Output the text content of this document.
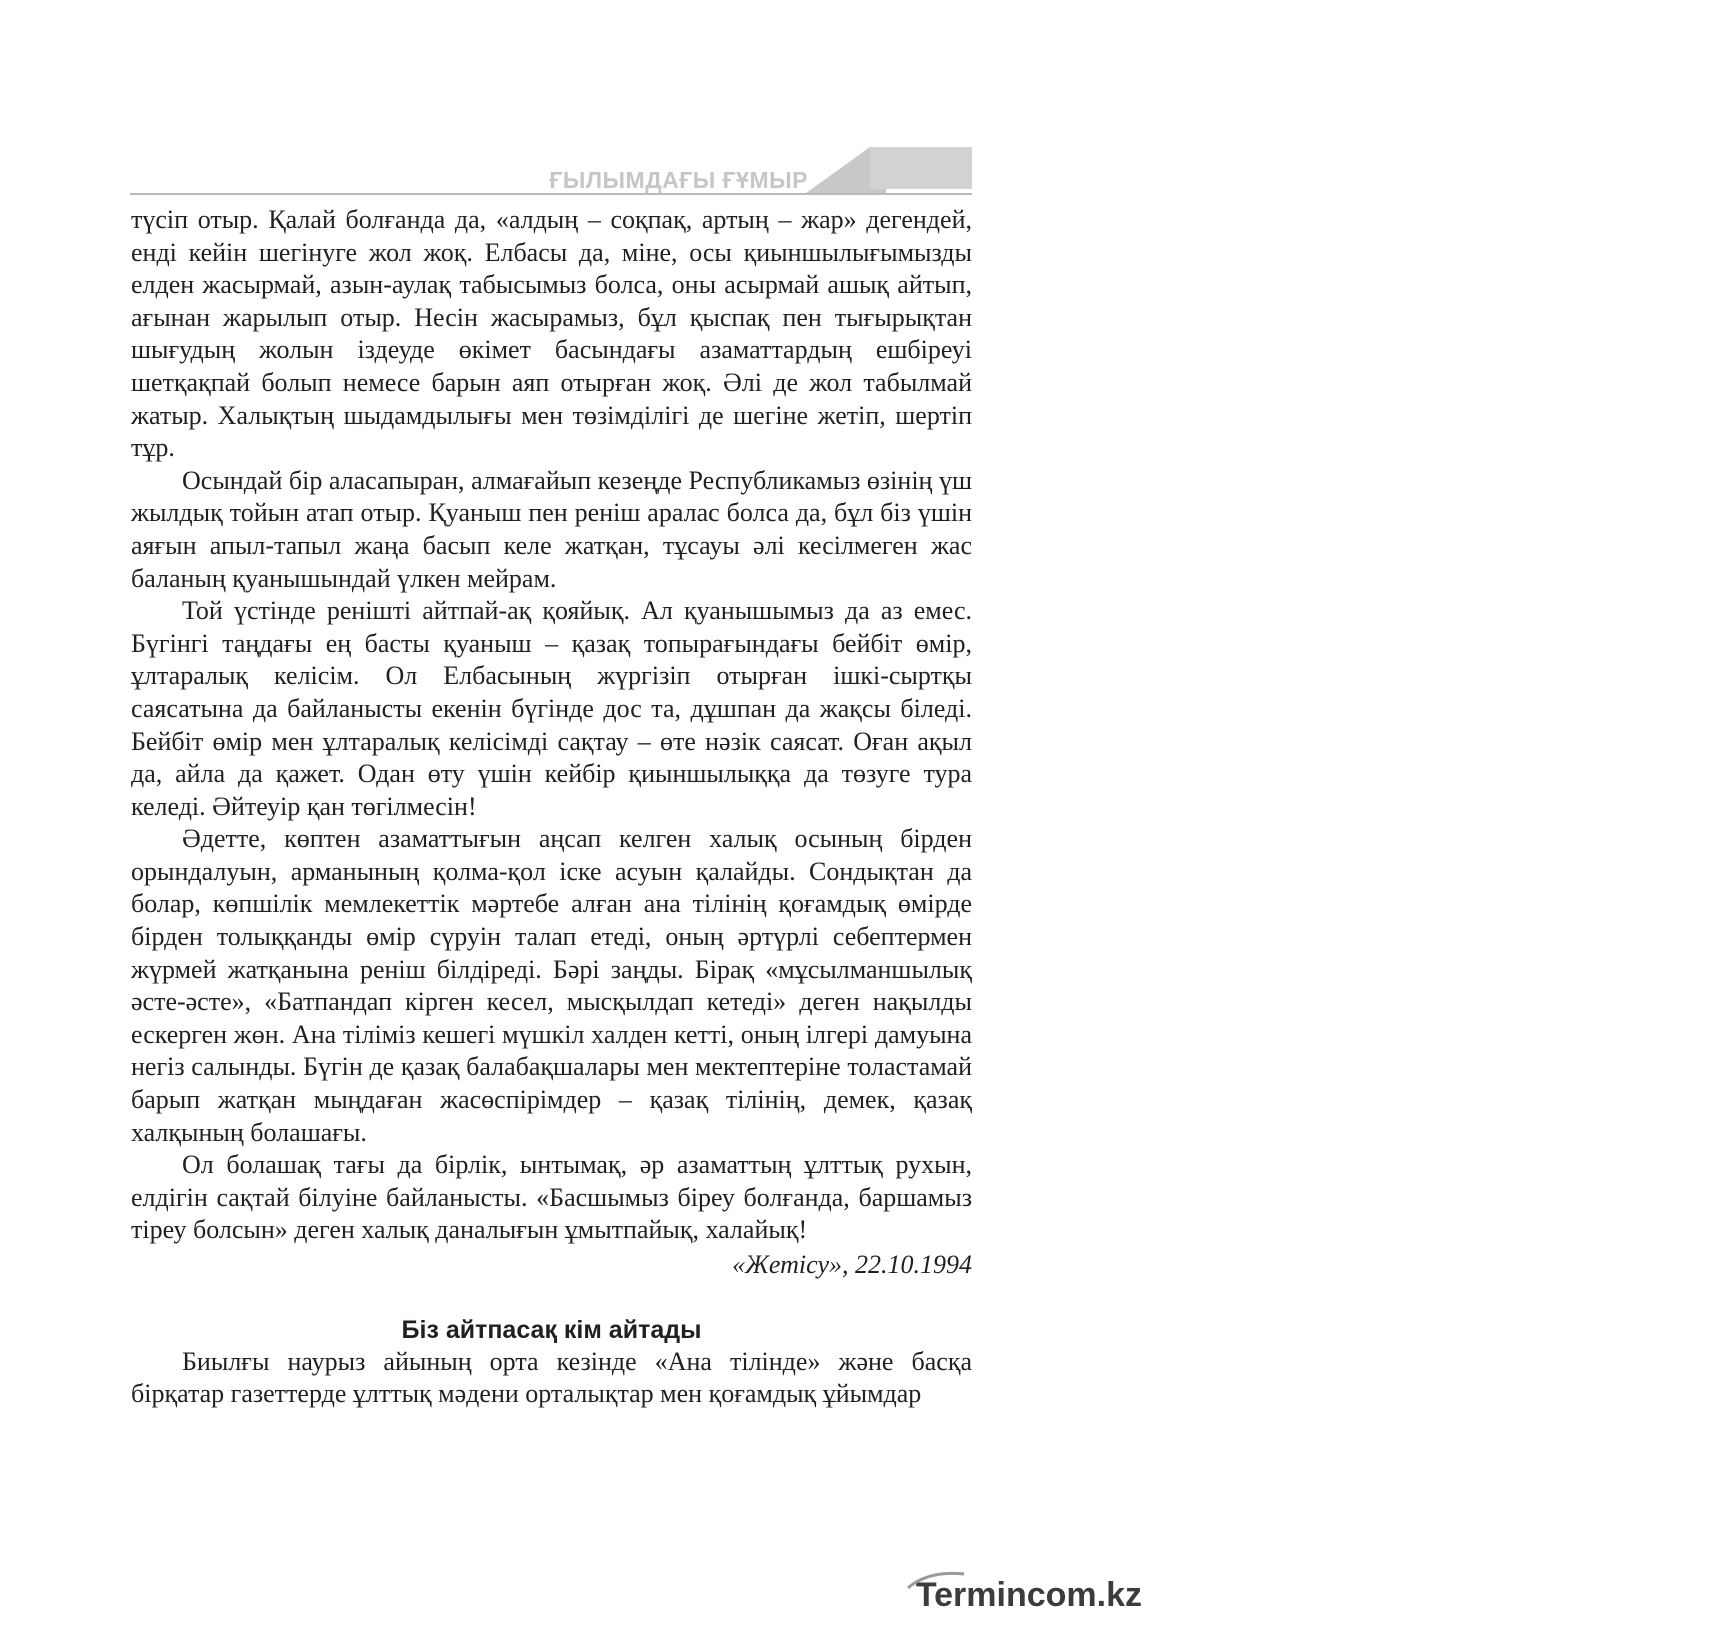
ҒЫЛЫМДАҒЫ ҒҰМЫР
255

түсіп отыр. Қалай болғанда да, «алдың – соқпақ, артың – жар» дегендей, енді кейін шегінуге жол жоқ. Елбасы да, міне, осы қиыншылығымызды елден жасырмай, азын-аулақ табысымыз болса, оны асырмай ашық айтып, ағынан жарылып отыр. Несін жасырамыз, бұл қыспақ пен тығырықтан шығудың жолын іздеуде өкімет басындағы азаматтардың ешбіреуі шетқақпай болып немесе барын аяп отырған жоқ. Әлі де жол табылмай жатыр. Халықтың шыдамдылығы мен төзімділігі де шегіне жетіп, шертіп тұр.

Осындай бір аласапыран, алмағайып кезеңде Республикамыз өзінің үш жылдық тойын атап отыр. Қуаныш пен реніш аралас болса да, бұл біз үшін аяғын апыл-тапыл жаңа басып келе жатқан, тұсауы әлі кесілмеген жас баланың қуанышындай үлкен мейрам.

Той үстінде ренішті айтпай-ақ қояйық. Ал қуанышымыз да аз емес. Бүгінгі таңдағы ең басты қуаныш – қазақ топырағындағы бейбіт өмір, ұлтаралық келісім. Ол Елбасының жүргізіп отырған ішкі-сыртқы саясатына да байланысты екенін бүгінде дос та, дұшпан да жақсы біледі. Бейбіт өмір мен ұлтаралық келісімді сақтау – өте нәзік саясат. Оған ақыл да, айла да қажет. Одан өту үшін кейбір қиыншылыққа да төзуге тура келеді. Әйтеуір қан төгілмесін!

Әдетте, көптен азаматтығын аңсап келген халық осының бірден орындалуын, арманының қолма-қол іске асуын қалайды. Сондықтан да болар, көпшілік мемлекеттік мәртебе алған ана тілінің қоғамдық өмірде бірден толыққанды өмір сүруін талап етеді, оның әртүрлі себептермен жүрмей жатқанына реніш білдіреді. Бәрі заңды. Бірақ «мұсылманшылық әсте-әсте», «Батпандап кірген кесел, мысқылдап кетеді» деген нақылды ескерген жөн. Ана тіліміз кешегі мүшкіл халден кетті, оның ілгері дамуына негіз салынды. Бүгін де қазақ балабақшалары мен мектептеріне толастамай барып жатқан мыңдаған жасөспірімдер – қазақ тілінің, демек, қазақ халқының болашағы.

Ол болашақ тағы да бірлік, ынтымақ, әр азаматтың ұлттық рухын, елдігін сақтай білуіне байланысты. «Басшымыз біреу болғанда, баршамыз тіреу болсын» деген халық даналығын ұмытпайық, халайық!

«Жетісу», 22.10.1994

Біз айтпасақ кім айтады

Биылғы наурыз айының орта кезінде «Ана тілінде» және басқа бірқатар газеттерде ұлттық мәдени орталықтар мен қоғамдық ұйымдар

Termincom.kz
